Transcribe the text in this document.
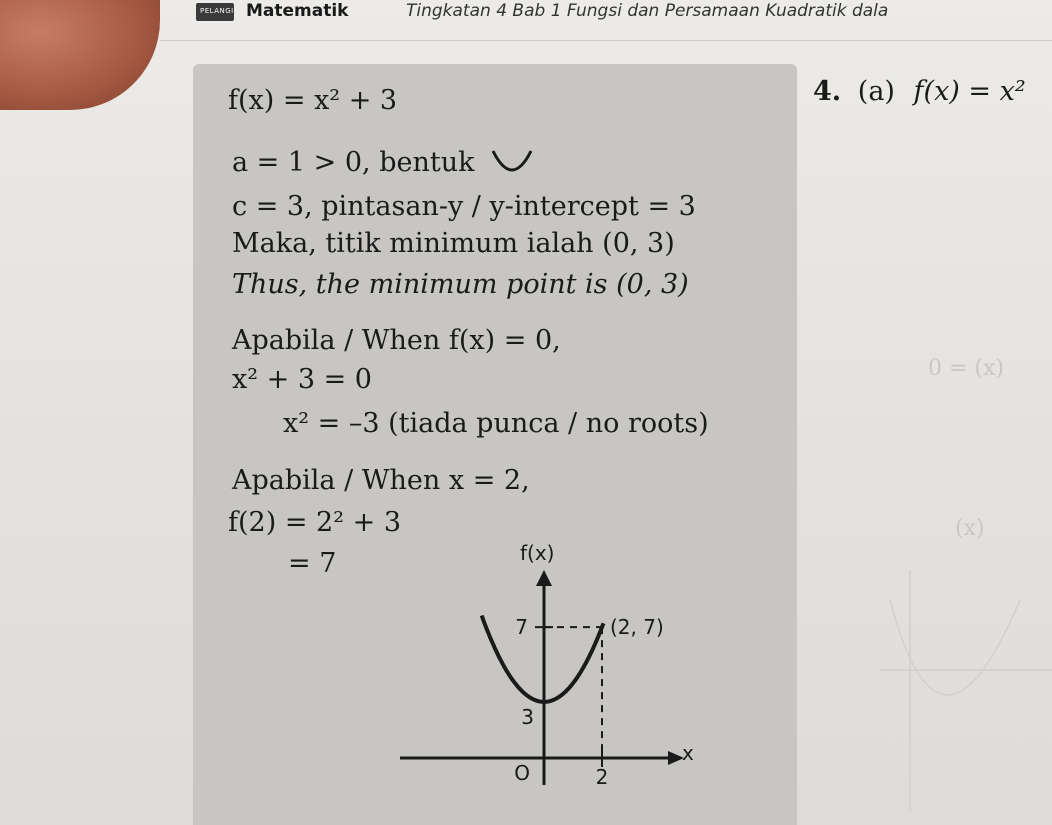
PELANGI Matematik	Tingkatan 4 Bab 1 Fungsi dan Persamaan Kuadratik dala
f(x) = x² + 3
a = 1 > 0, bentuk
c = 3, pintasan-y / y-intercept = 3
Maka, titik minimum ialah (0, 3)
Thus, the minimum point is (0, 3)
Apabila / When f(x) = 0,
x² + 3 = 0
x² = –3 (tiada punca / no roots)
Apabila / When x = 2,
f(2) = 2² + 3
= 7
4. (a) f(x) = x²
0 = (x)
(x)
f(x)
x
7
3
O	2
(2, 7)
